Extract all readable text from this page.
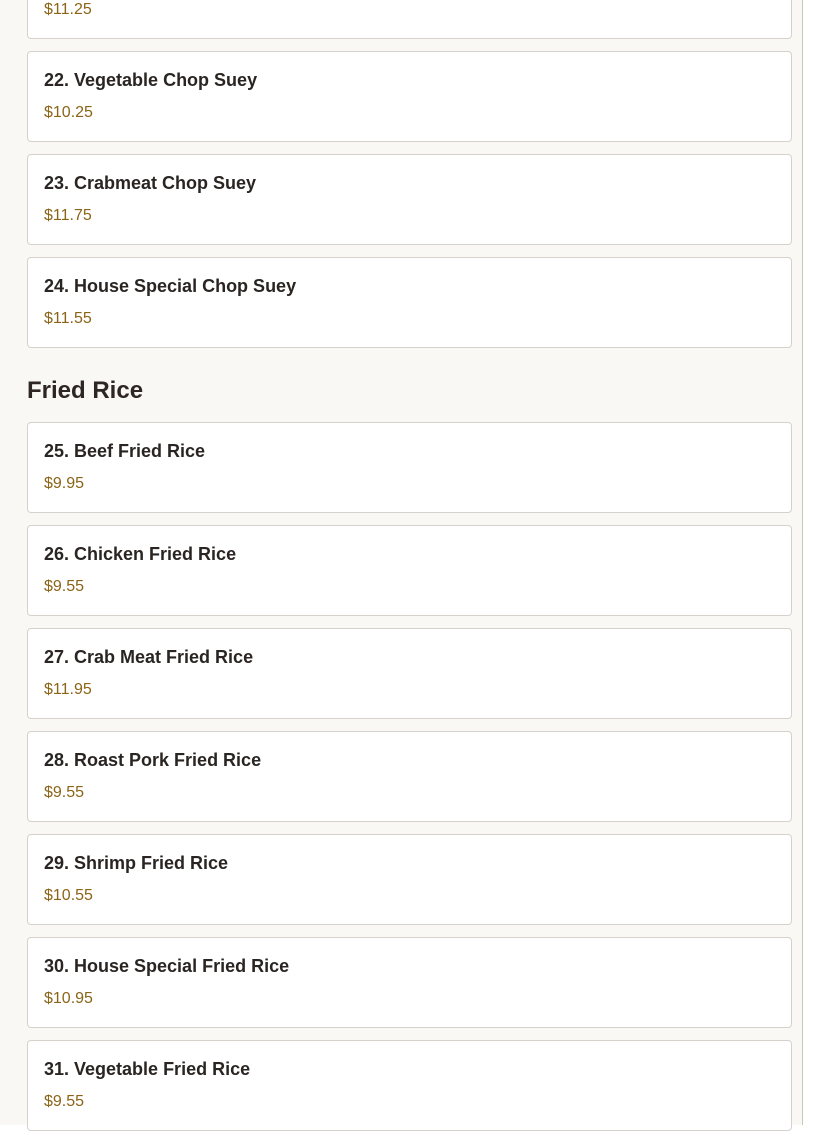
$11.25
22. Vegetable Chop Suey
$10.25
23. Crabmeat Chop Suey
$11.75
24. House Special Chop Suey
$11.55
Fried Rice
25. Beef Fried Rice
$9.95
26. Chicken Fried Rice
$9.55
27. Crab Meat Fried Rice
$11.95
28. Roast Pork Fried Rice
$9.55
29. Shrimp Fried Rice
$10.55
30. House Special Fried Rice
$10.95
31. Vegetable Fried Rice
$9.55
